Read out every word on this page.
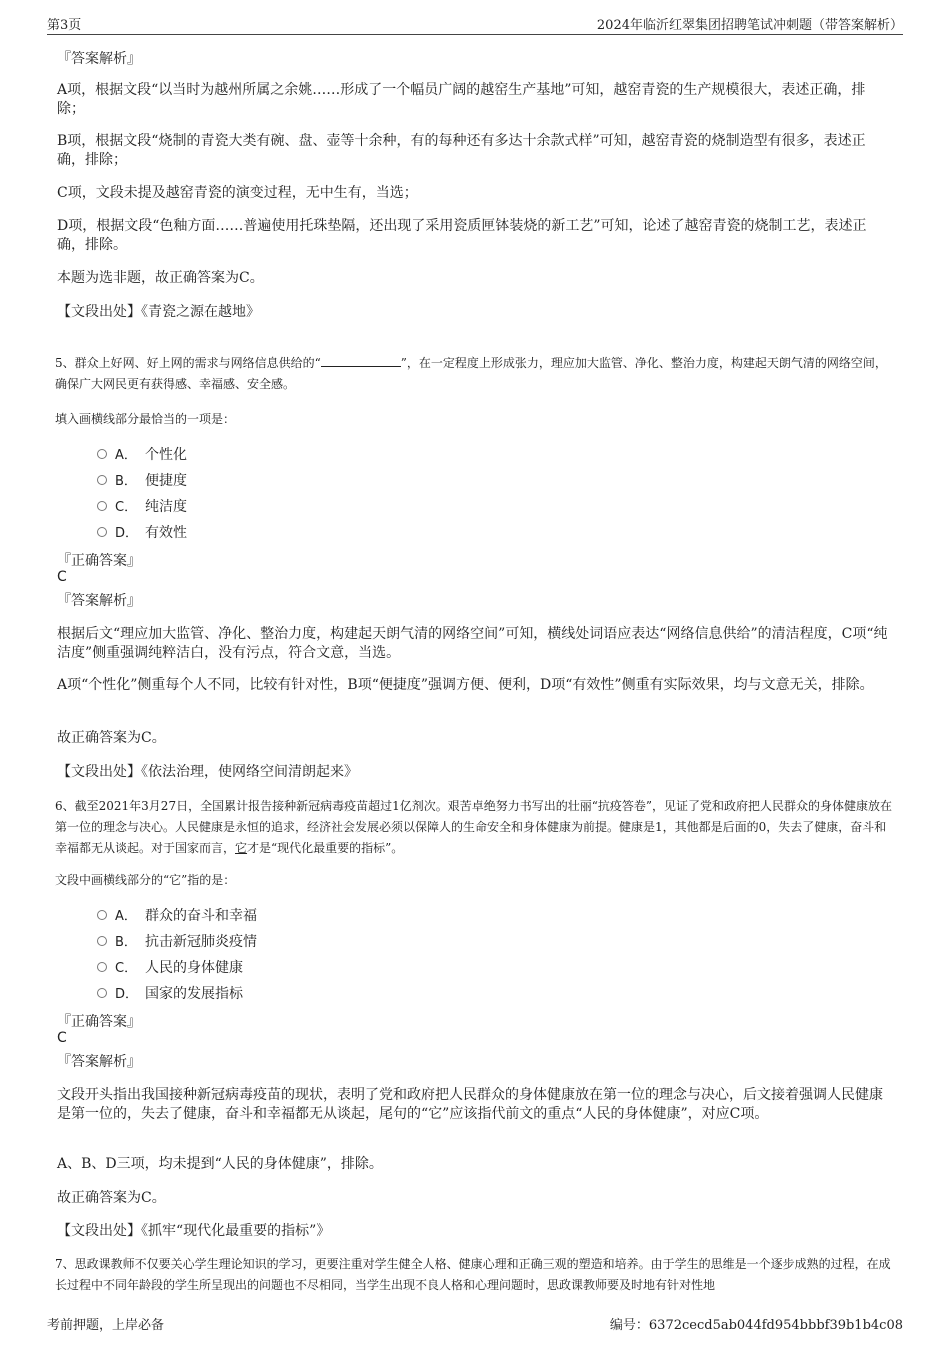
第3页	2024年临沂红翠集团招聘笔试冲刺题（带答案解析）
『答案解析』
A项，根据文段“以当时为越州所属之余姚……形成了一个幅员广阔的越窑生产基地”可知，越窑青瓷的生产规模很大，表述正确，排除；
B项，根据文段“烧制的青瓷大类有碗、盘、壶等十余种，有的每种还有多达十余款式样”可知，越窑青瓷的烧制造型有很多，表述正确，排除；
C项，文段未提及越窑青瓷的演变过程，无中生有，当选；
D项，根据文段“色釉方面……普遍使用托珠垫隔，还出现了采用瓷质匣钵装烧的新工艺”可知，论述了越窑青瓷的烧制工艺，表述正确，排除。
本题为选非题，故正确答案为C。
【文段出处】《青瓷之源在越地》
5、群众上好网、好上网的需求与网络信息供给的“	”，在一定程度上形成张力，理应加大监管、净化、整治力度，构建起天朗气清的网络空间，确保广大网民更有获得感、幸福感、安全感。
填入画横线部分最恰当的一项是：
A． 个性化
B． 便捷度
C． 纯洁度
D． 有效性
『正确答案』
C
『答案解析』
根据后文“理应加大监管、净化、整治力度，构建起天朗气清的网络空间”可知，横线处词语应表达“网络信息供给”的清洁程度，C项“纯洁度”侧重强调纯粹洁白，没有污点，符合文意，当选。
A项“个性化”侧重每个人不同，比较有针对性，B项“便捷度”强调方便、便利，D项“有效性”侧重有实际效果，均与文意无关，排除。
故正确答案为C。
【文段出处】《依法治理，使网络空间清朗起来》
6、截至2021年3月27日，全国累计报告接种新冠病毒疫苗超过1亿剂次。艰苦卓绝努力书写出的壮丽“抗疫答卷”，见证了党和政府把人民群众的身体健康放在第一位的理念与决心。人民健康是永恒的追求，经济社会发展必须以保障人的生命安全和身体健康为前提。健康是1，其他都是后面的0，失去了健康，奋斗和幸福都无从谈起。对于国家而言，它才是“现代化最重要的指标”。
文段中画横线部分的“它”指的是：
A． 群众的奋斗和幸福
B． 抗击新冠肺炎疫情
C． 人民的身体健康
D． 国家的发展指标
『正确答案』
C
『答案解析』
文段开头指出我国接种新冠病毒疫苗的现状，表明了党和政府把人民群众的身体健康放在第一位的理念与决心，后文接着强调人民健康是第一位的，失去了健康，奋斗和幸福都无从谈起，尾句的“它”应该指代前文的重点“人民的身体健康”，对应C项。
A、B、D三项，均未提到“人民的身体健康”，排除。
故正确答案为C。
【文段出处】《抓牢“现代化最重要的指标”》
7、思政课教师不仅要关心学生理论知识的学习，更要注重对学生健全人格、健康心理和正确三观的塑造和培养。由于学生的思维是一个逐步成熟的过程，在成长过程中不同年龄段的学生所呈现出的问题也不尽相同，当学生出现不良人格和心理问题时，思政课教师要及时地有针对性地
考前押题，上岸必备	编号：6372cecd5ab044fd954bbbf39b1b4c08
